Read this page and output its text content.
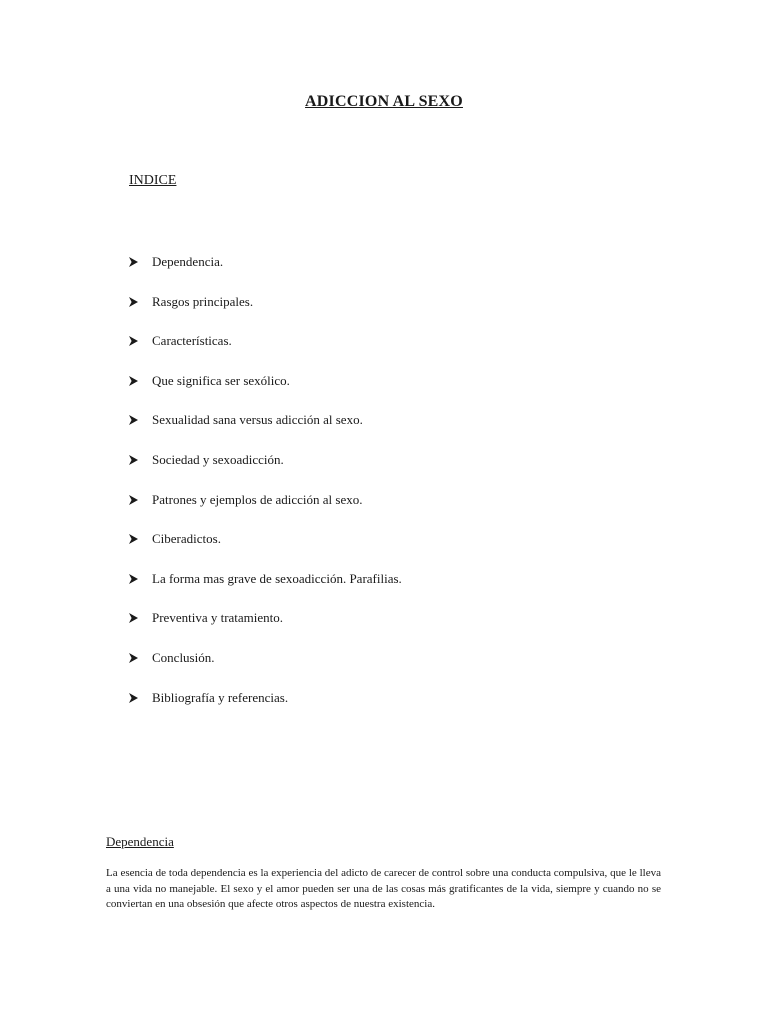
ADICCION AL SEXO
INDICE
Dependencia.
Rasgos principales.
Características.
Que significa ser sexólico.
Sexualidad sana versus adicción al sexo.
Sociedad y sexoadicción.
Patrones y ejemplos de adicción al sexo.
Ciberadictos.
La forma mas grave de sexoadicción. Parafilias.
Preventiva y tratamiento.
Conclusión.
Bibliografía y referencias.
Dependencia

La esencia de toda dependencia es la experiencia del adicto de carecer de control sobre una conducta compulsiva, que le lleva a una vida no manejable. El sexo y el amor pueden ser una de las cosas más gratificantes de la vida, siempre y cuando no se conviertan en una obsesión que afecte otros aspectos de nuestra existencia.
